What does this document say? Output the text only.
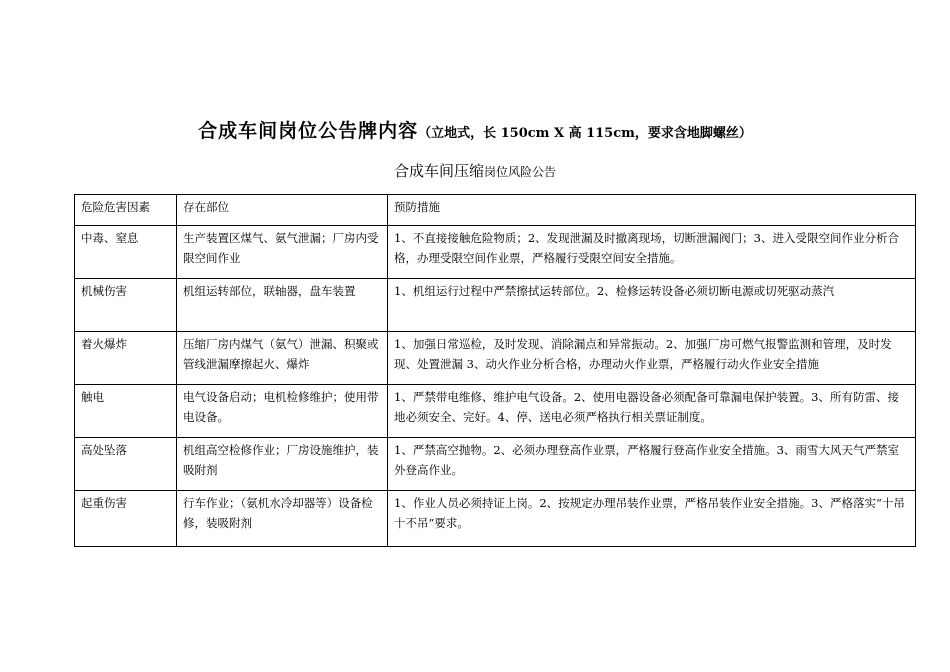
合成车间岗位公告牌内容（立地式，长 150cm X 高 115cm，要求含地脚螺丝）
合成车间压缩岗位风险公告
危险危害因素	存在部位	预防措施
中毒、窒息	生产装置区煤气、氨气泄漏；厂房内受限空间作业	1、不直接接触危险物质；2、发现泄漏及时撤离现场，切断泄漏阀门；3、进入受限空间作业分析合格，办理受限空间作业票，严格履行受限空间安全措施。
机械伤害	机组运转部位，联轴器，盘车装置	1、机组运行过程中严禁擦拭运转部位。2、检修运转设备必须切断电源或切死驱动蒸汽
着火爆炸	压缩厂房内煤气（氨气）泄漏、积聚或管线泄漏摩擦起火、爆炸	1、加强日常巡检，及时发现、消除漏点和异常振动。2、加强厂房可燃气报警监测和管理，及时发现、处置泄漏 3、动火作业分析合格，办理动火作业票，严格履行动火作业安全措施
触电	电气设备启动；电机检修维护；使用带电设备。	1、严禁带电维修、维护电气设备。2、使用电器设备必须配备可靠漏电保护装置。3、所有防雷、接地必须安全、完好。4、停、送电必须严格执行相关票证制度。
高处坠落	机组高空检修作业；厂房设施维护，装吸附剂	1、严禁高空抛物。2、必须办理登高作业票，严格履行登高作业安全措施。3、雨雪大风天气严禁室外登高作业。
起重伤害	行车作业；（氨机水冷却器等）设备检修，装吸附剂	1、作业人员必须持证上岗。2、按规定办理吊装作业票，严格吊装作业安全措施。3、严格落实“十吊十不吊”要求。
